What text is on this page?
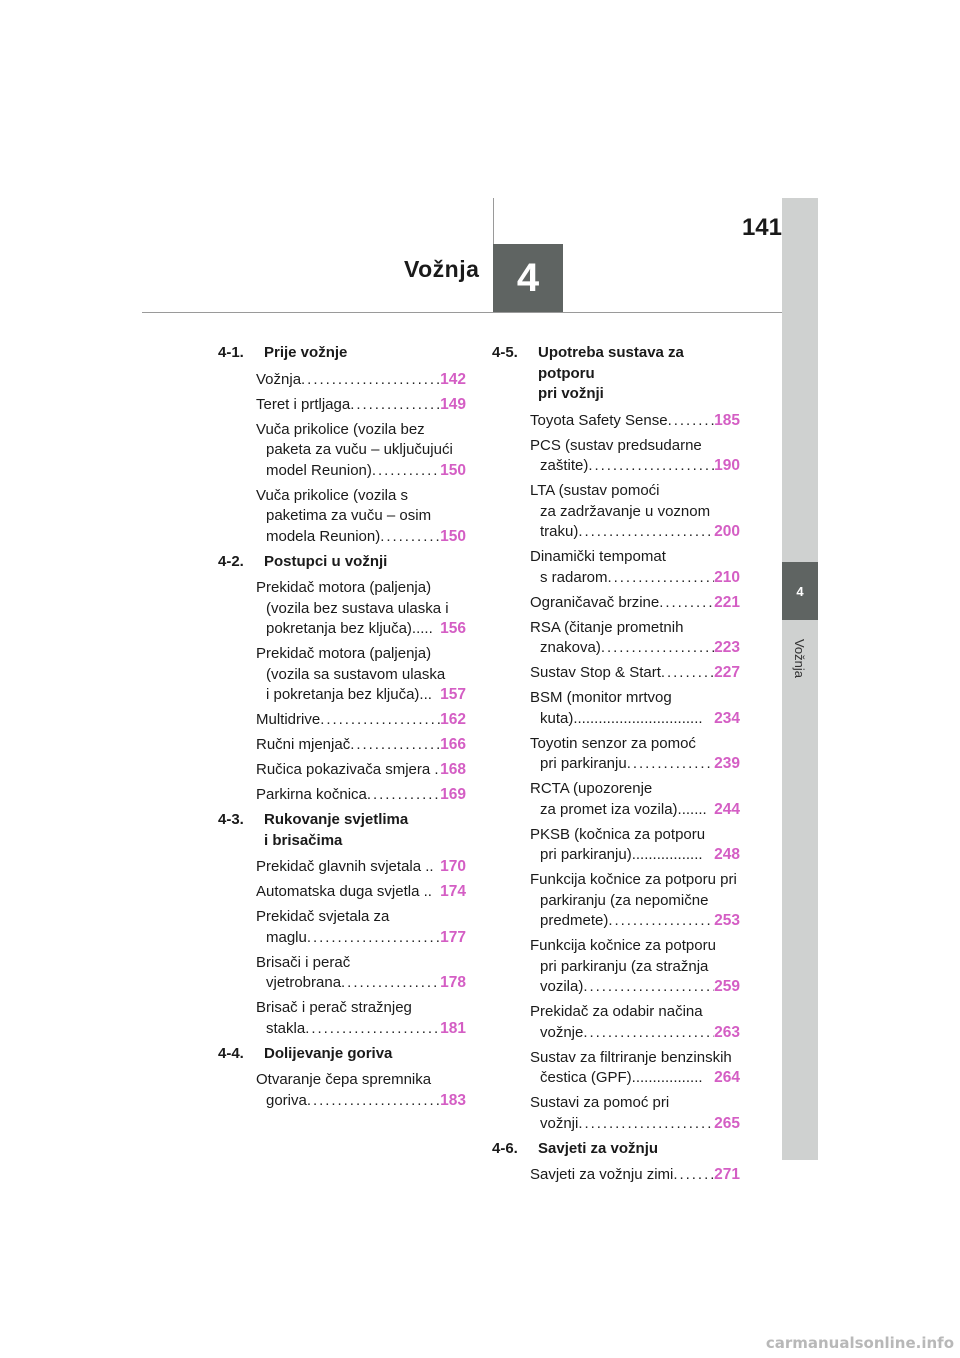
141
Vožnja 4
4
Vožnja
4-1.	Prije vožnje
Vožnja . . .	142
Teret i prtljaga . . .	149
Vuča prikolice (vozila bez
paketa za vuču – uključujući
model Reunion) . . .	150
Vuča prikolice (vozila s
paketima za vuču – osim
modela Reunion) . . .	150
4-2.	Postupci u vožnji
Prekidač motora (paljenja)
(vozila bez sustava ulaska i
pokretanja bez ključa)..... 156
Prekidač motora (paljenja)
(vozila sa sustavom ulaska
i pokretanja bez ključa)... 157
Multidrive . . .	162
Ručni mjenjač . . .	166
Ručica pokazivača smjera . . . . 168
Parkirna kočnica . . .	169
4-3.	Rukovanje svjetlima
i brisačima
Prekidač glavnih svjetala .. 170
Automatska duga svjetla .. 174
Prekidač svjetala za
maglu . . .	177
Brisači i perač
vjetrobrana . . .	178
Brisač i perač stražnjeg
stakla . . .	181
4-4.	Dolijevanje goriva
Otvaranje čepa spremnika
goriva . . .	183
4-5.	Upotreba sustava za potporu
pri vožnji
Toyota Safety Sense . . .	185
PCS (sustav predsudarne
zaštite) . . .	190
LTA (sustav pomoći
za zadržavanje u voznom
traku) . . .	200
Dinamički tempomat
s radarom . . .	210
Ograničavač brzine . . .	221
RSA (čitanje prometnih
znakova) . . .	223
Sustav Stop & Start . . .	227
BSM (monitor mrtvog
kuta)............................... 234
Toyotin senzor za pomoć
pri parkiranju . . .	239
RCTA (upozorenje
za promet iza vozila)....... 244
PKSB (kočnica za potporu
pri parkiranju)................. 248
Funkcija kočnice za potporu pri
parkiranju (za nepomične
predmete) . . .	253
Funkcija kočnice za potporu
pri parkiranju (za stražnja
vozila) . . .	259
Prekidač za odabir načina
vožnje . . .	263
Sustav za filtriranje benzinskih
čestica (GPF)................. 264
Sustavi za pomoć pri
vožnji . . .	265
4-6.	Savjeti za vožnju
Savjeti za vožnju zimi . . .	271
carmanualsonline.info
